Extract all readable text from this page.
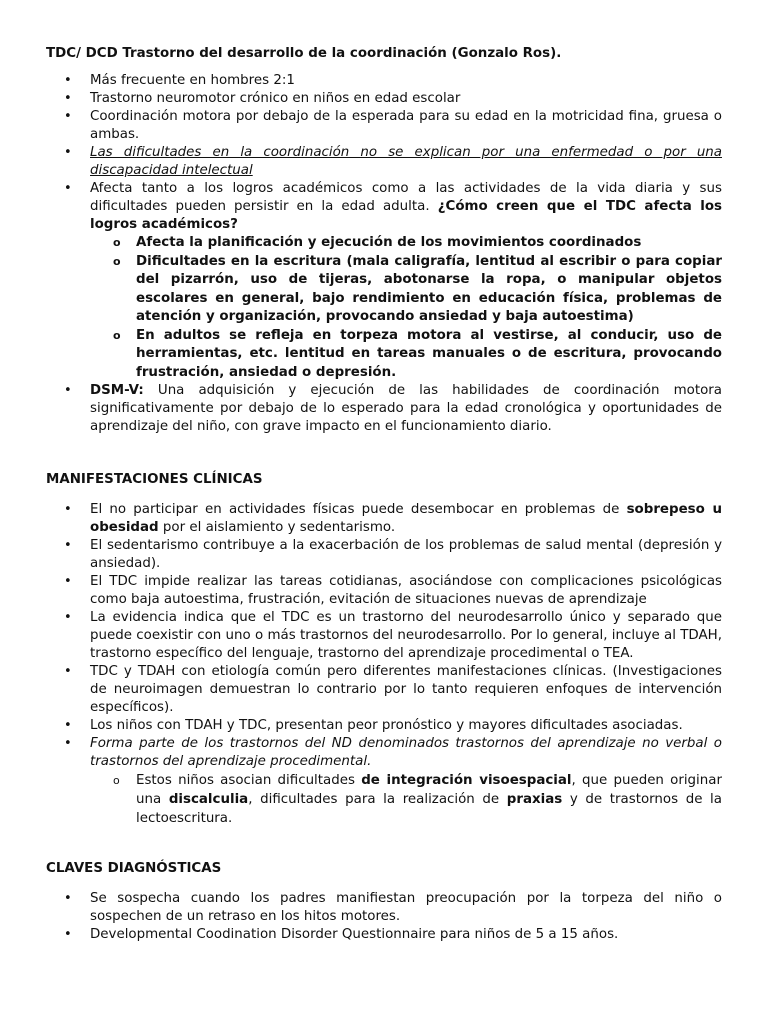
TDC/ DCD Trastorno del desarrollo de la coordinación (Gonzalo Ros).

• Más frecuente en hombres 2:1
• Trastorno neuromotor crónico en niños en edad escolar
• Coordinación motora por debajo de la esperada para su edad en la motricidad fina, gruesa o ambas.
• Las dificultades en la coordinación no se explican por una enfermedad o por una discapacidad intelectual
• Afecta tanto a los logros académicos como a las actividades de la vida diaria y sus dificultades pueden persistir en la edad adulta. ¿Cómo creen que el TDC afecta los logros académicos?
o Afecta la planificación y ejecución de los movimientos coordinados
o Dificultades en la escritura (mala caligrafía, lentitud al escribir o para copiar del pizarrón, uso de tijeras, abotonarse la ropa, o manipular objetos escolares en general, bajo rendimiento en educación física, problemas de atención y organización, provocando ansiedad y baja autoestima)
o En adultos se refleja en torpeza motora al vestirse, al conducir, uso de herramientas, etc. lentitud en tareas manuales o de escritura, provocando frustración, ansiedad o depresión.
• DSM-V: Una adquisición y ejecución de las habilidades de coordinación motora significativamente por debajo de lo esperado para la edad cronológica y oportunidades de aprendizaje del niño, con grave impacto en el funcionamiento diario.

MANIFESTACIONES CLÍNICAS

• El no participar en actividades físicas puede desembocar en problemas de sobrepeso u obesidad por el aislamiento y sedentarismo.
• El sedentarismo contribuye a la exacerbación de los problemas de salud mental (depresión y ansiedad).
• El TDC impide realizar las tareas cotidianas, asociándose con complicaciones psicológicas como baja autoestima, frustración, evitación de situaciones nuevas de aprendizaje
• La evidencia indica que el TDC es un trastorno del neurodesarrollo único y separado que puede coexistir con uno o más trastornos del neurodesarrollo. Por lo general, incluye al TDAH, trastorno específico del lenguaje, trastorno del aprendizaje procedimental o TEA.
• TDC y TDAH con etiología común pero diferentes manifestaciones clínicas. (Investigaciones de neuroimagen demuestran lo contrario por lo tanto requieren enfoques de intervención específicos).
• Los niños con TDAH y TDC, presentan peor pronóstico y mayores dificultades asociadas.
• Forma parte de los trastornos del ND denominados trastornos del aprendizaje no verbal o trastornos del aprendizaje procedimental.
o Estos niños asocian dificultades de integración visoespacial, que pueden originar una discalculia, dificultades para la realización de praxias y de trastornos de la lectoescritura.

CLAVES DIAGNÓSTICAS

• Se sospecha cuando los padres manifiestan preocupación por la torpeza del niño o sospechen de un retraso en los hitos motores.
• Developmental Coodination Disorder Questionnaire para niños de 5 a 15 años.
